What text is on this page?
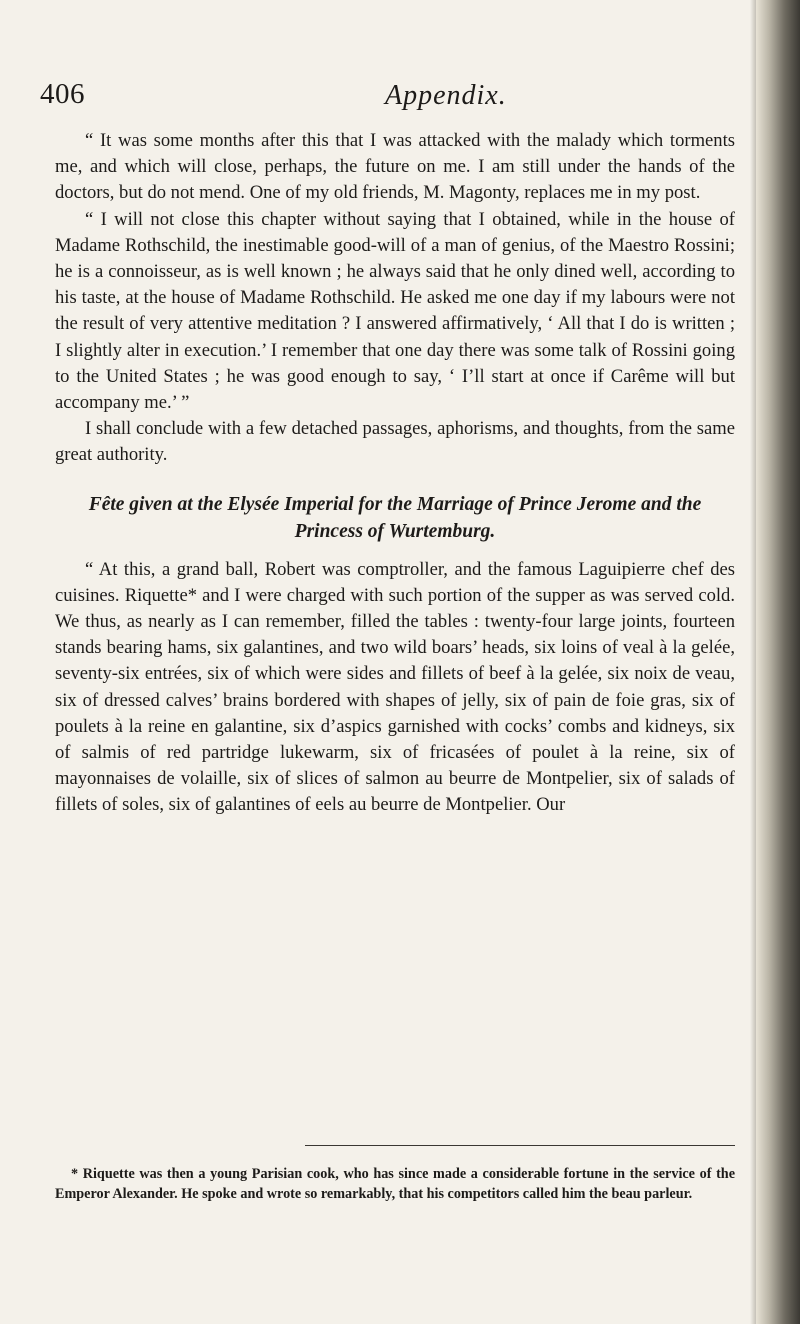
406	Appendix.

“ It was some months after this that I was attacked with the malady which torments me, and which will close, perhaps, the future on me. I am still under the hands of the doctors, but do not mend. One of my old friends, M. Magonty, replaces me in my post.

“ I will not close this chapter without saying that I obtained, while in the house of Madame Rothschild, the inestimable good-will of a man of genius, of the Maestro Rossini; he is a connoisseur, as is well known ; he always said that he only dined well, according to his taste, at the house of Madame Rothschild. He asked me one day if my labours were not the result of very attentive meditation ? I answered affirmatively, ‘ All that I do is written ; I slightly alter in execution.’ I remember that one day there was some talk of Rossini going to the United States ; he was good enough to say, ‘ I’ll start at once if Carême will but accompany me.’ ”

I shall conclude with a few detached passages, aphorisms, and thoughts, from the same great authority.

Fête given at the Elysée Imperial for the Marriage of Prince Jerome and the Princess of Wurtemburg.

“ At this, a grand ball, Robert was comptroller, and the famous Laguipierre chef des cuisines. Riquette* and I were charged with such portion of the supper as was served cold. We thus, as nearly as I can remember, filled the tables : twenty-four large joints, fourteen stands bearing hams, six galantines, and two wild boars’ heads, six loins of veal à la gelée, seventy-six entrées, six of which were sides and fillets of beef à la gelée, six noix de veau, six of dressed calves’ brains bordered with shapes of jelly, six of pain de foie gras, six of poulets à la reine en galantine, six d’aspics garnished with cocks’ combs and kidneys, six of salmis of red partridge lukewarm, six of fricasées of poulet à la reine, six of mayonnaises de volaille, six of slices of salmon au beurre de Montpelier, six of salads of fillets of soles, six of galantines of eels au beurre de Montpelier. Our

* Riquette was then a young Parisian cook, who has since made a considerable fortune in the service of the Emperor Alexander. He spoke and wrote so remarkably, that his competitors called him the beau parleur.
